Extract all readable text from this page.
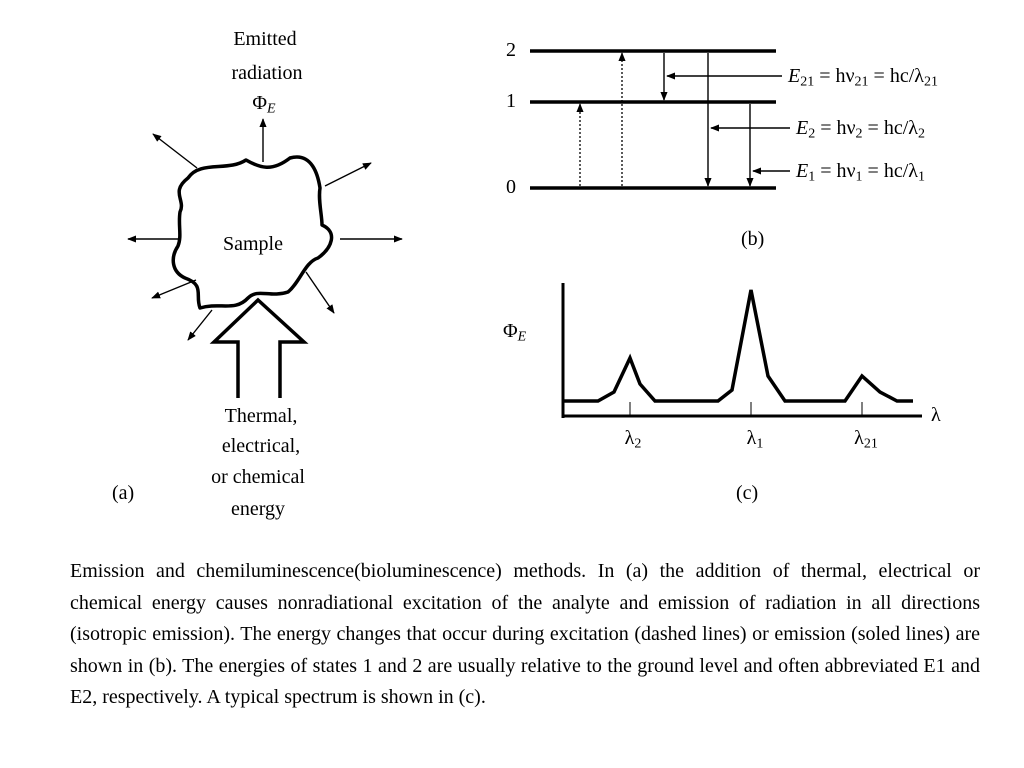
Emitted
radiation
$\Phi_E$
Sample
Thermal,
electrical,
or chemical
energy
(a)
2
1
0
$E_{21} = h\nu_{21} = hc/\lambda_{21}$
$E_2 = h\nu_2 = hc/\lambda_2$
$E_1 = h\nu_1 = hc/\lambda_1$
(b)
$\Phi_E$
λ
$\lambda_2$	$\lambda_1$	$\lambda_{21}$
(c)
Emission and chemiluminescence(bioluminescence) methods. In (a) the addition of thermal, electrical or chemical energy causes nonradiational excitation of the analyte and emission of radiation in all directions (isotropic emission). The energy changes that occur during excitation (dashed lines) or emission (soled lines) are shown in (b). The energies of states 1 and 2 are usually relative to the ground level and often abbreviated E1 and E2, respectively. A typical spectrum is shown in (c).
